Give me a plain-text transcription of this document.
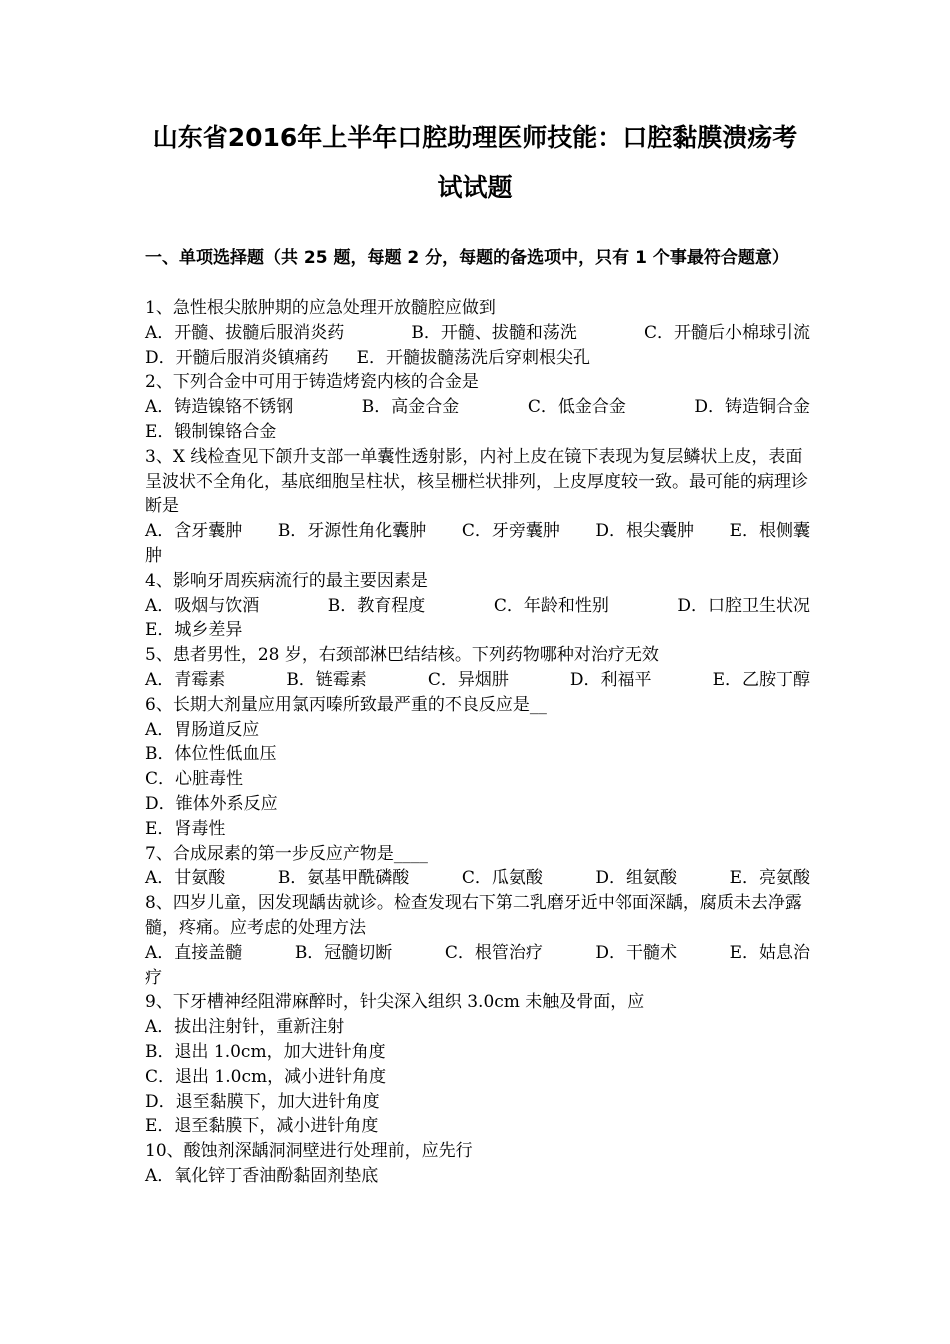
山东省2016年上半年口腔助理医师技能：口腔黏膜溃疡考
试试题
一、单项选择题（共 25 题，每题 2 分，每题的备选项中，只有 1 个事最符合题意）
1、急性根尖脓肿期的应急处理开放髓腔应做到
A．开髓、拔髓后服消炎药	B．开髓、拔髓和荡洗	C．开髓后小棉球引流
D．开髓后服消炎镇痛药 E．开髓拔髓荡洗后穿刺根尖孔
2、下列合金中可用于铸造烤瓷内核的合金是
A．铸造镍铬不锈钢	B．高金合金	C．低金合金	D．铸造铜合金
E．锻制镍铬合金
3、X 线检查见下颌升支部一单囊性透射影，内衬上皮在镜下表现为复层鳞状上皮，表面呈波状不全角化，基底细胞呈柱状，核呈栅栏状排列，上皮厚度较一致。最可能的病理诊断是
A．含牙囊肿 B．牙源性角化囊肿 C．牙旁囊肿 D．根尖囊肿 E．根侧囊
肿
4、影响牙周疾病流行的最主要因素是
A．吸烟与饮酒	B．教育程度	C．年龄和性别	D．口腔卫生状况
E．城乡差异
5、患者男性，28 岁，右颈部淋巴结结核。下列药物哪种对治疗无效
A．青霉素	B．链霉素	C．异烟肼	D．利福平	E．乙胺丁醇
6、长期大剂量应用氯丙嗪所致最严重的不良反应是__
A．胃肠道反应
B．体位性低血压
C．心脏毒性
D．锥体外系反应
E．肾毒性
7、合成尿素的第一步反应产物是____
A．甘氨酸	B．氨基甲酰磷酸	C．瓜氨酸	D．组氨酸	E．亮氨酸
8、四岁儿童，因发现龋齿就诊。检查发现右下第二乳磨牙近中邻面深龋，腐质未去净露髓，疼痛。应考虑的处理方法
A．直接盖髓	B．冠髓切断	C．根管治疗	D．干髓术	E．姑息治
疗
9、下牙槽神经阻滞麻醉时，针尖深入组织 3.0cm 未触及骨面，应
A．拔出注射针，重新注射
B．退出 1.0cm，加大进针角度
C．退出 1.0cm，减小进针角度
D．退至黏膜下，加大进针角度
E．退至黏膜下，减小进针角度
10、酸蚀剂深龋洞洞壁进行处理前，应先行
A．氧化锌丁香油酚黏固剂垫底
